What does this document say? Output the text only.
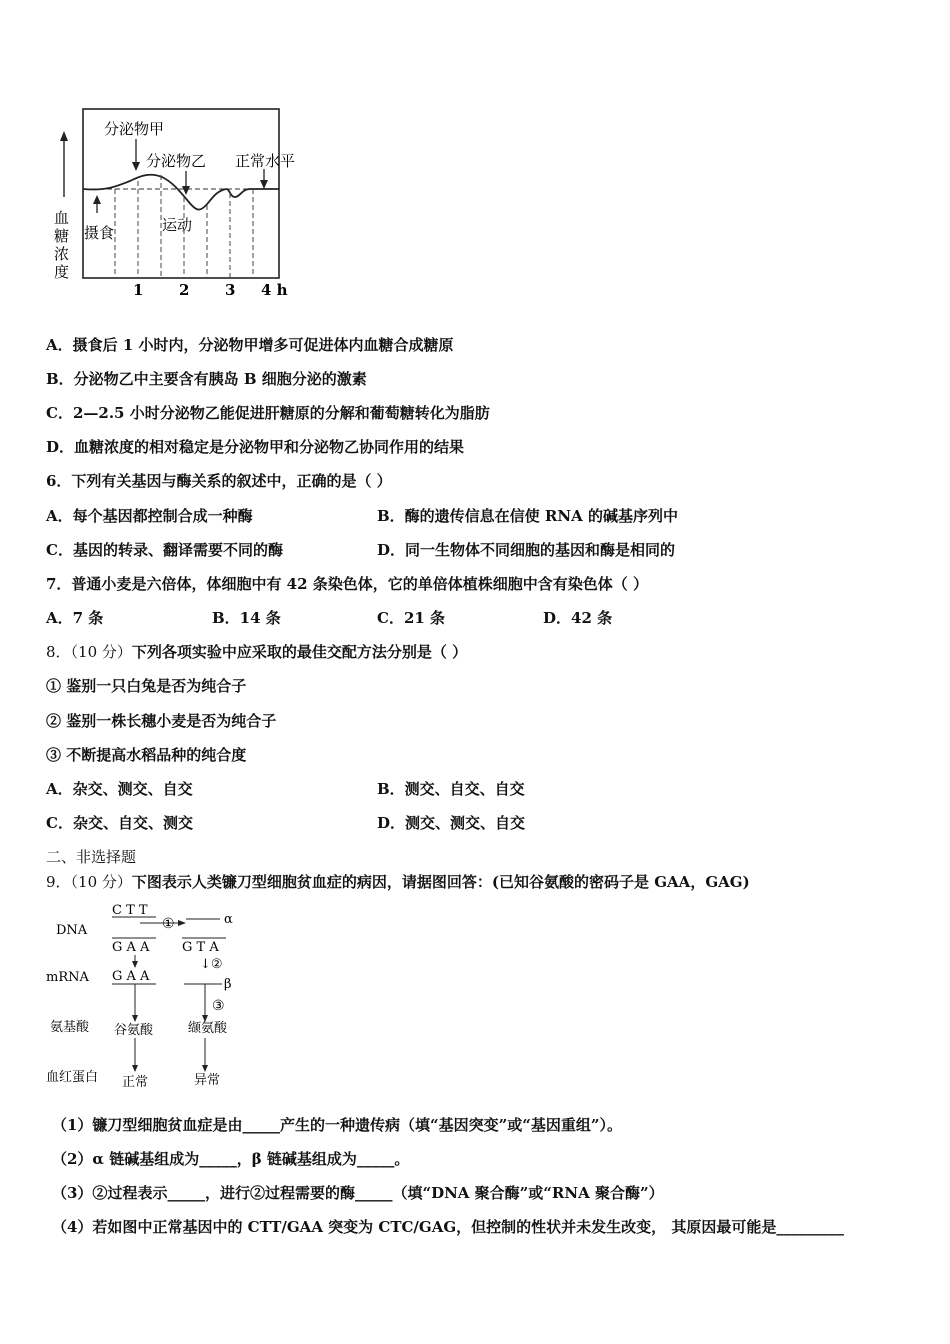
分泌物甲
分泌物乙 正常水平
摄食	运动
血
糖
浓
度
1 2 3 4 h
A．摄食后 1 小时内，分泌物甲增多可促进体内血糖合成糖原
B．分泌物乙中主要含有胰岛 B 细胞分泌的激素
C．2—2.5 小时分泌物乙能促进肝糖原的分解和葡萄糖转化为脂肪
D．血糖浓度的相对稳定是分泌物甲和分泌物乙协同作用的结果
6．下列有关基因与酶关系的叙述中，正确的是（ ）
A．每个基因都控制合成一种酶	B．酶的遗传信息在信使 RNA 的碱基序列中
C．基因的转录、翻译需要不同的酶	D．同一生物体不同细胞的基因和酶是相同的
7．普通小麦是六倍体，体细胞中有 42 条染色体，它的单倍体植株细胞中含有染色体（ ）
A．7 条	B．14 条	C．21 条	D．42 条
8．（10 分）下列各项实验中应采取的最佳交配方法分别是（ ）
① 鉴别一只白兔是否为纯合子
② 鉴别一株长穗小麦是否为纯合子
③ 不断提高水稻品种的纯合度
A．杂交、测交、自交	B．测交、自交、自交
C．杂交、自交、测交	D．测交、测交、自交
二、非选择题
9．（10 分）下图表示人类镰刀型细胞贫血症的病因，请据图回答：(已知谷氨酸的密码子是 GAA，GAG)
DNA
mRNA
氨基酸
血红蛋白
C T T
①	α
G A A	G T A
↓②
G A A
β
③
谷氨酸	缬氨酸
正常	异常
（1）镰刀型细胞贫血症是由_____产生的一种遗传病（填“基因突变”或“基因重组”）。
（2）α 链碱基组成为_____，β 链碱基组成为_____。
（3）②过程表示_____，进行②过程需要的酶_____（填“DNA 聚合酶”或“RNA 聚合酶”）
（4）若如图中正常基因中的 CTT/GAA 突变为 CTC/GAG，但控制的性状并未发生改变， 其原因最可能是_________
